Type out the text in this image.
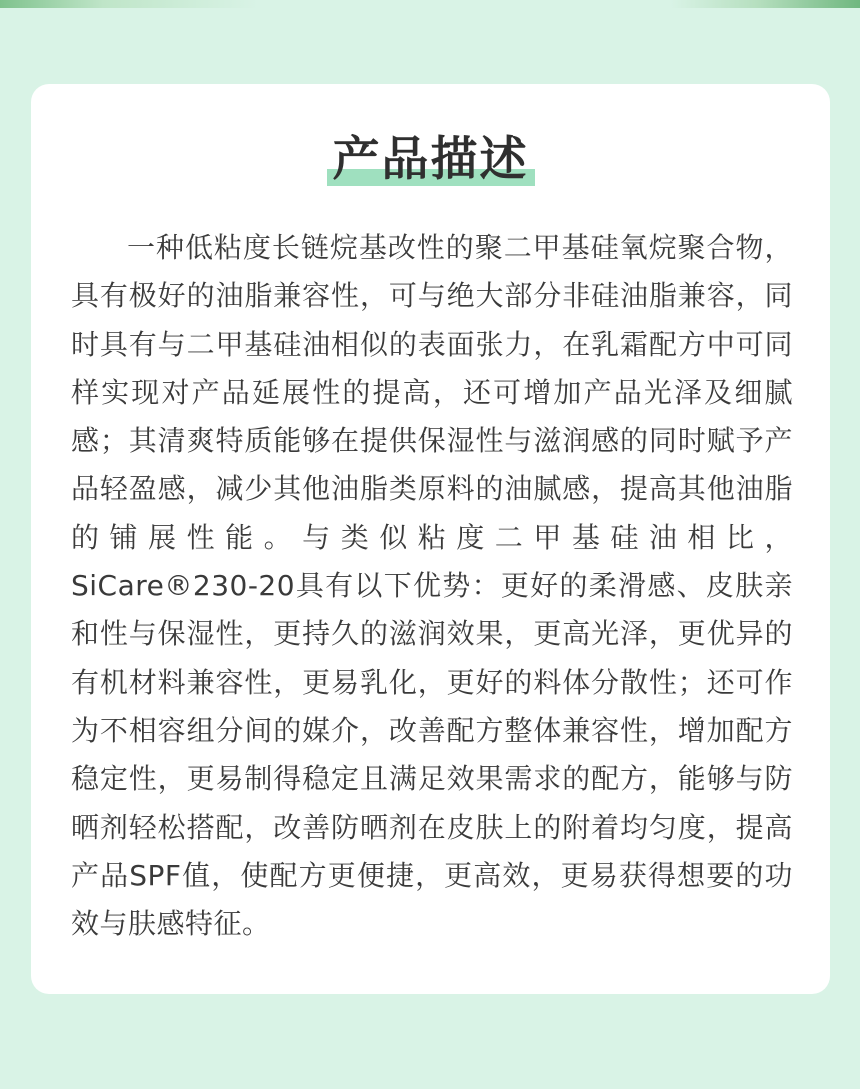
产品描述

一种低粘度长链烷基改性的聚二甲基硅氧烷聚合物，具有极好的油脂兼容性，可与绝大部分非硅油脂兼容，同时具有与二甲基硅油相似的表面张力，在乳霜配方中可同样实现对产品延展性的提高，还可增加产品光泽及细腻感；其清爽特质能够在提供保湿性与滋润感的同时赋予产品轻盈感，减少其他油脂类原料的油腻感，提高其他油脂的铺展性能。与类似粘度二甲基硅油相比，SiCare®230-20具有以下优势：更好的柔滑感、皮肤亲和性与保湿性，更持久的滋润效果，更高光泽，更优异的有机材料兼容性，更易乳化，更好的料体分散性；还可作为不相容组分间的媒介，改善配方整体兼容性，增加配方稳定性，更易制得稳定且满足效果需求的配方，能够与防晒剂轻松搭配，改善防晒剂在皮肤上的附着均匀度，提高产品SPF值，使配方更便捷，更高效，更易获得想要的功效与肤感特征。
